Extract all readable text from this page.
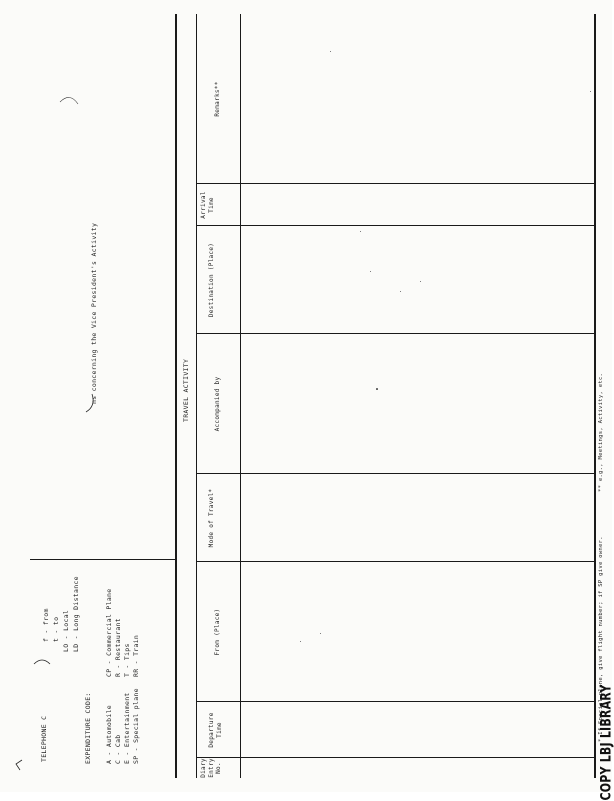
TELEPHONE C
f - from
t - to
LO - Local
LD - Long Distance
EXPENDITURE CODE: A - Automobile C - Cab E - Entertainment SP - Special plane
CP - Commercial Plane R - Restaurant T - Tips RR - Train
ns concerning the Vice President's Activity	TRAVEL ACTIVITY
Diary Entry No.
Departure Time
From (Place)
Mode of Travel*
Accompanied by
Destination (Place)
Arrival Time
Remarks**
* If Special plane, give flight number; if SP give owner.
** e.g., Meetings, Activity, etc.
COPY LBJ LIBRARY
